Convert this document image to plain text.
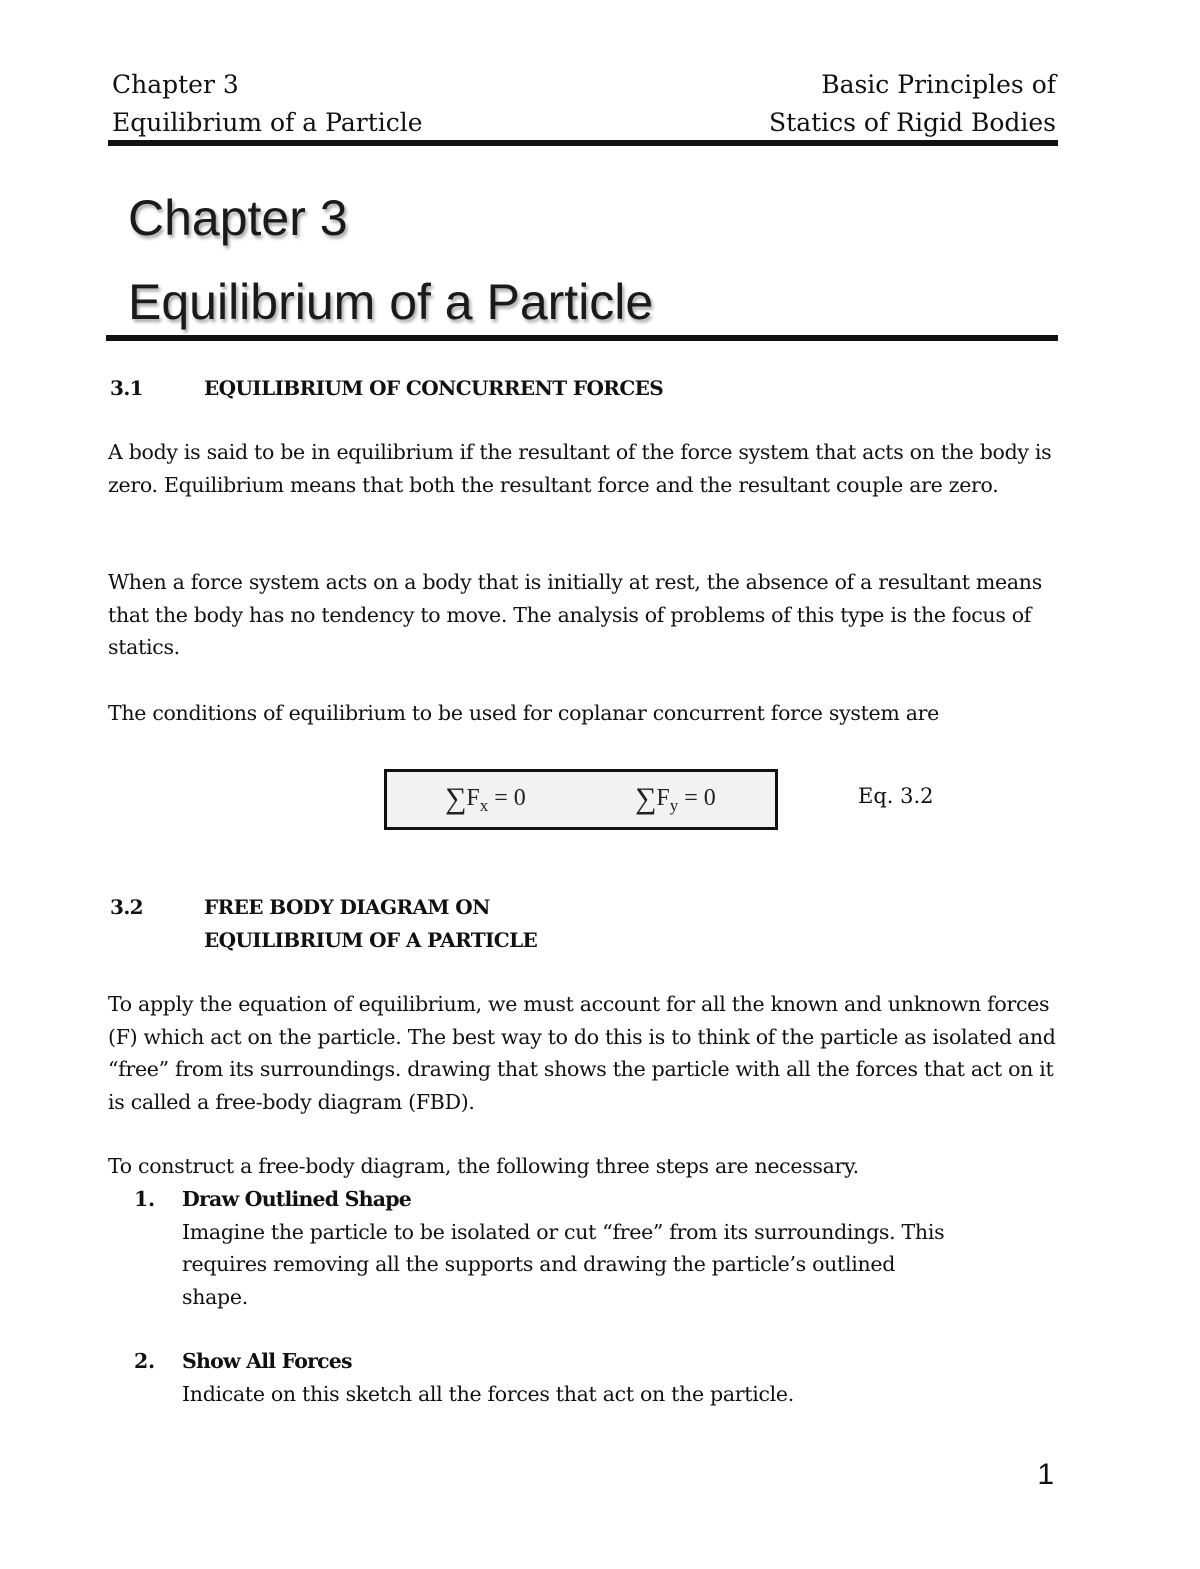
Chapter 3
Equilibrium of a Particle
Basic Principles of
Statics of Rigid Bodies
Chapter 3
Equilibrium of a Particle
3.1	EQUILIBRIUM OF CONCURRENT FORCES
A body is said to be in equilibrium if the resultant of the force system that acts on the body is zero. Equilibrium means that both the resultant force and the resultant couple are zero.
When a force system acts on a body that is initially at rest, the absence of a resultant means that the body has no tendency to move. The analysis of problems of this type is the focus of statics.
The conditions of equilibrium to be used for coplanar concurrent force system are
$\sum F_x = 0$	$\sum F_y = 0$	Eq. 3.2
3.2	FREE BODY DIAGRAM ON
EQUILIBRIUM OF A PARTICLE
To apply the equation of equilibrium, we must account for all the known and unknown forces (F) which act on the particle. The best way to do this is to think of the particle as isolated and “free” from its surroundings. drawing that shows the particle with all the forces that act on it is called a free-body diagram (FBD).
To construct a free-body diagram, the following three steps are necessary.
1. Draw Outlined Shape
Imagine the particle to be isolated or cut “free” from its surroundings. This requires removing all the supports and drawing the particle’s outlined shape.
2. Show All Forces
Indicate on this sketch all the forces that act on the particle.
1
